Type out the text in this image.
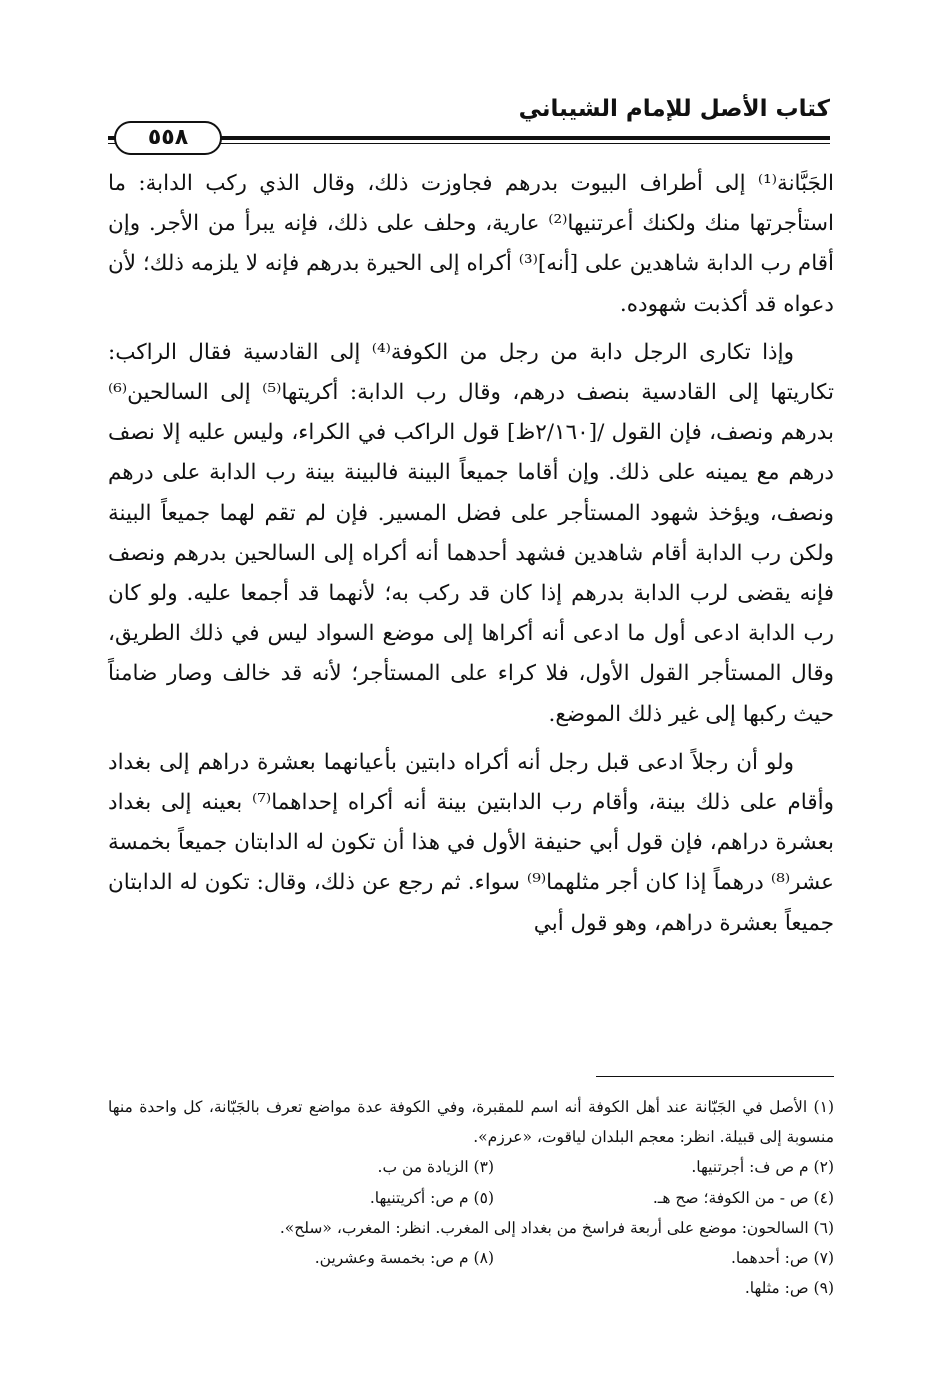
كتاب الأصل للإمام الشيباني
٥٥٨

الجَبَّانة⁽¹⁾ إلى أطراف البيوت بدرهم فجاوزت ذلك، وقال الذي ركب الدابة: ما استأجرتها منك ولكنك أعرتنيها⁽²⁾ عارية، وحلف على ذلك، فإنه يبرأ من الأجر. وإن أقام رب الدابة شاهدين على [أنه]⁽³⁾ أكراه إلى الحيرة بدرهم فإنه لا يلزمه ذلك؛ لأن دعواه قد أكذبت شهوده.

وإذا تكارى الرجل دابة من رجل من الكوفة⁽⁴⁾ إلى القادسية فقال الراكب: تكاريتها إلى القادسية بنصف درهم، وقال رب الدابة: أكريتها⁽⁵⁾ إلى السالحين⁽⁶⁾ بدرهم ونصف، فإن القول /[٢/١٦٠ظ] قول الراكب في الكراء، وليس عليه إلا نصف درهم مع يمينه على ذلك. وإن أقاما جميعاً البينة فالبينة بينة رب الدابة على درهم ونصف، ويؤخذ شهود المستأجر على فضل المسير. فإن لم تقم لهما جميعاً البينة ولكن رب الدابة أقام شاهدين فشهد أحدهما أنه أكراه إلى السالحين بدرهم ونصف فإنه يقضى لرب الدابة بدرهم إذا كان قد ركب به؛ لأنهما قد أجمعا عليه. ولو كان رب الدابة ادعى أول ما ادعى أنه أكراها إلى موضع السواد ليس في ذلك الطريق، وقال المستأجر القول الأول، فلا كراء على المستأجر؛ لأنه قد خالف وصار ضامناً حيث ركبها إلى غير ذلك الموضع.

ولو أن رجلاً ادعى قبل رجل أنه أكراه دابتين بأعيانهما بعشرة دراهم إلى بغداد وأقام على ذلك بينة، وأقام رب الدابتين بينة أنه أكراه إحداهما⁽⁷⁾ بعينه إلى بغداد بعشرة دراهم، فإن قول أبي حنيفة الأول في هذا أن تكون له الدابتان جميعاً بخمسة عشر⁽⁸⁾ درهماً إذا كان أجر مثلهما⁽⁹⁾ سواء. ثم رجع عن ذلك، وقال: تكون له الدابتان جميعاً بعشرة دراهم، وهو قول أبي

(١) الأصل في الجَبّانة عند أهل الكوفة أنه اسم للمقبرة، وفي الكوفة عدة مواضع تعرف بالجَبّانة، كل واحدة منها منسوبة إلى قبيلة. انظر: معجم البلدان لياقوت، «عرزم».
(٢) م ص ف: أجرتنيها.
(٣) الزيادة من ب.
(٤) ص - من الكوفة؛ صح هـ.
(٥) م ص: أكريتنيها.
(٦) السالحون: موضع على أربعة فراسخ من بغداد إلى المغرب. انظر: المغرب، «سلح».
(٧) ص: أحدهما.
(٨) م ص: بخمسة وعشرين.
(٩) ص: مثلها.
